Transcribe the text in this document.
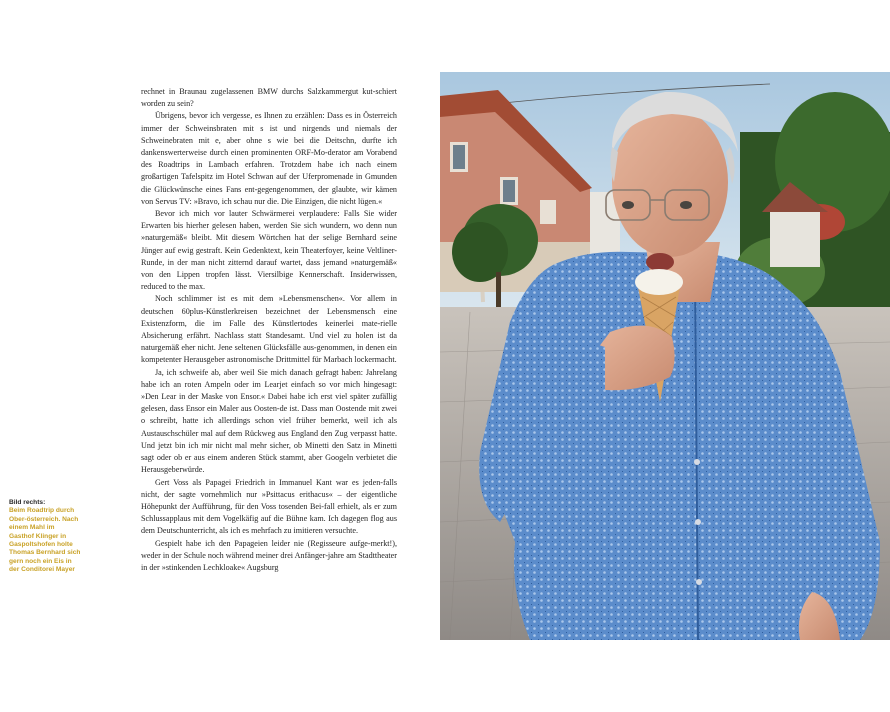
Bild rechts:
Beim Roadtrip durch Ober-österreich. Nach einem Mahl im Gasthof Klinger in Gaspoltshofen holte Thomas Bernhard sich gern noch ein Eis in der Conditorei Mayer

rechnet in Braunau zugelassenen BMW durchs Salzkammergut kut-schiert worden zu sein?

Übrigens, bevor ich vergesse, es Ihnen zu erzählen: Dass es in Österreich immer der Schweinsbraten mit s ist und nirgends und niemals der Schweinebraten mit e, aber ohne s wie bei die Deitschn, durfte ich dankenswerterweise durch einen prominenten ORF-Mo-derator am Vorabend des Roadtrips in Lambach erfahren. Trotzdem habe ich nach einem großartigen Tafelspitz im Hotel Schwan auf der Uferpromenade in Gmunden die Glückwünsche eines Fans ent-gegengenommen, der glaubte, wir kämen von Servus TV: »Bravo, ich schau nur die. Die Einzigen, die nicht lügen.«

Bevor ich mich vor lauter Schwärmerei verplaudere: Falls Sie wider Erwarten bis hierher gelesen haben, werden Sie sich wundern, wo denn nun »naturgemäß« bleibt. Mit diesem Wörtchen hat der selige Bernhard seine Jünger auf ewig gestraft. Kein Gedenktext, kein Theaterfoyer, keine Veltliner-Runde, in der man nicht zitternd darauf wartet, dass jemand »naturgemäß« von den Lippen tropfen lässt. Viersilbige Kennerschaft. Insiderwissen, reduced to the max.

Noch schlimmer ist es mit dem »Lebensmenschen«. Vor allem in deutschen 60plus-Künstlerkreisen bezeichnet der Lebensmensch eine Existenzform, die im Falle des Künstlertodes keinerlei mate-rielle Absicherung erfährt. Nachlass statt Standesamt. Und viel zu holen ist da naturgemäß eher nicht. Jene seltenen Glücksfälle aus-genommen, in denen ein kompetenter Herausgeber astronomische Drittmittel für Marbach lockermacht.

Ja, ich schweife ab, aber weil Sie mich danach gefragt haben: Jahrelang habe ich an roten Ampeln oder im Learjet einfach so vor mich hingesagt: »Den Lear in der Maske von Ensor.« Dabei habe ich erst viel später zufällig gelesen, dass Ensor ein Maler aus Oosten-de ist. Dass man Oostende mit zwei o schreibt, hatte ich allerdings schon viel früher bemerkt, weil ich als Austauschschüler mal auf dem Rückweg aus England den Zug verpasst hatte. Und jetzt bin ich mir nicht mal mehr sicher, ob Minetti den Satz in Minetti sagt oder ob er aus einem anderen Stück stammt, aber Googeln verbietet die Herausgeberwürde.

Gert Voss als Papagei Friedrich in Immanuel Kant war es jeden-falls nicht, der sagte vornehmlich nur »Psittacus erithacus« – der eigentliche Höhepunkt der Aufführung, für den Voss tosenden Bei-fall erhielt, als er zum Schlussapplaus mit dem Vogelkäfig auf die Bühne kam. Ich dagegen flog aus dem Deutschunterricht, als ich es mehrfach zu imitieren versuchte.

Gespielt habe ich den Papageien leider nie (Regisseure aufge-merkt!), weder in der Schule noch während meiner drei Anfänger-jahre am Stadttheater in der »stinkenden Lechkloake« Augsburg
